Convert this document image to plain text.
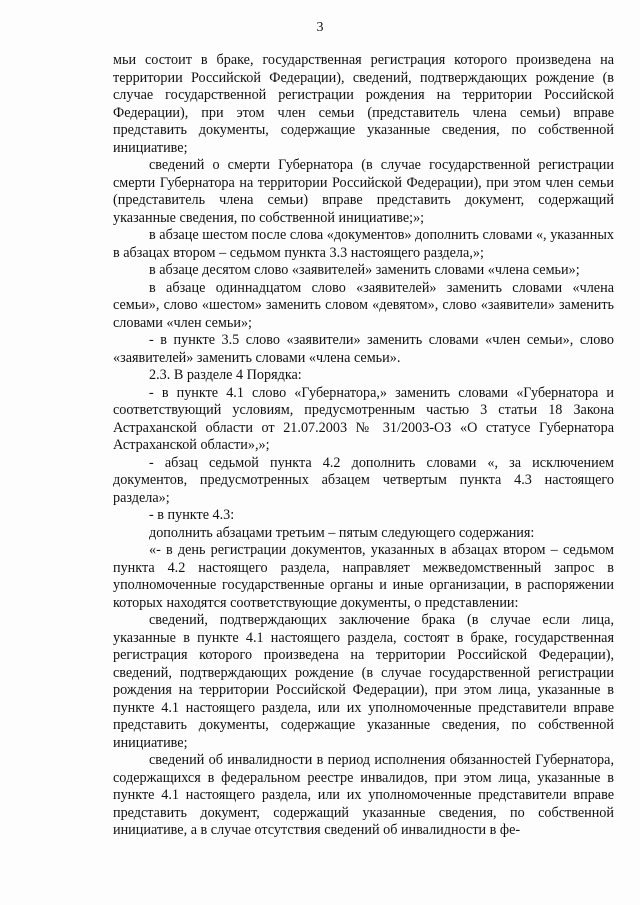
3

мьи состоит в браке, государственная регистрация которого произведена на территории Российской Федерации), сведений, подтверждающих рождение (в случае государственной регистрации рождения на территории Российской Федерации), при этом член семьи (представитель члена семьи) вправе представить документы, содержащие указанные сведения, по собственной инициативе;

сведений о смерти Губернатора (в случае государственной регистрации смерти Губернатора на территории Российской Федерации), при этом член семьи (представитель члена семьи) вправе представить документ, содержащий указанные сведения, по собственной инициативе;»;

в абзаце шестом после слова «документов» дополнить словами «, указанных в абзацах втором – седьмом пункта 3.3 настоящего раздела,»;

в абзаце десятом слово «заявителей» заменить словами «члена семьи»;

в абзаце одиннадцатом слово «заявителей» заменить словами «члена семьи», слово «шестом» заменить словом «девятом», слово «заявители» заменить словами «член семьи»;

- в пункте 3.5 слово «заявители» заменить словами «член семьи», слово «заявителей» заменить словами «члена семьи».

2.3. В разделе 4 Порядка:

- в пункте 4.1 слово «Губернатора,» заменить словами «Губернатора и соответствующий условиям, предусмотренным частью 3 статьи 18 Закона Астраханской области от 21.07.2003 № 31/2003-ОЗ «О статусе Губернатора Астраханской области»,»;

- абзац седьмой пункта 4.2 дополнить словами «, за исключением документов, предусмотренных абзацем четвертым пункта 4.3 настоящего раздела»;

- в пункте 4.3:

дополнить абзацами третьим – пятым следующего содержания:

«- в день регистрации документов, указанных в абзацах втором – седьмом пункта 4.2 настоящего раздела, направляет межведомственный запрос в уполномоченные государственные органы и иные организации, в распоряжении которых находятся соответствующие документы, о представлении:

сведений, подтверждающих заключение брака (в случае если лица, указанные в пункте 4.1 настоящего раздела, состоят в браке, государственная регистрация которого произведена на территории Российской Федерации), сведений, подтверждающих рождение (в случае государственной регистрации рождения на территории Российской Федерации), при этом лица, указанные в пункте 4.1 настоящего раздела, или их уполномоченные представители вправе представить документы, содержащие указанные сведения, по собственной инициативе;

сведений об инвалидности в период исполнения обязанностей Губернатора, содержащихся в федеральном реестре инвалидов, при этом лица, указанные в пункте 4.1 настоящего раздела, или их уполномоченные представители вправе представить документ, содержащий указанные сведения, по собственной инициативе, а в случае отсутствия сведений об инвалидности в фе-
